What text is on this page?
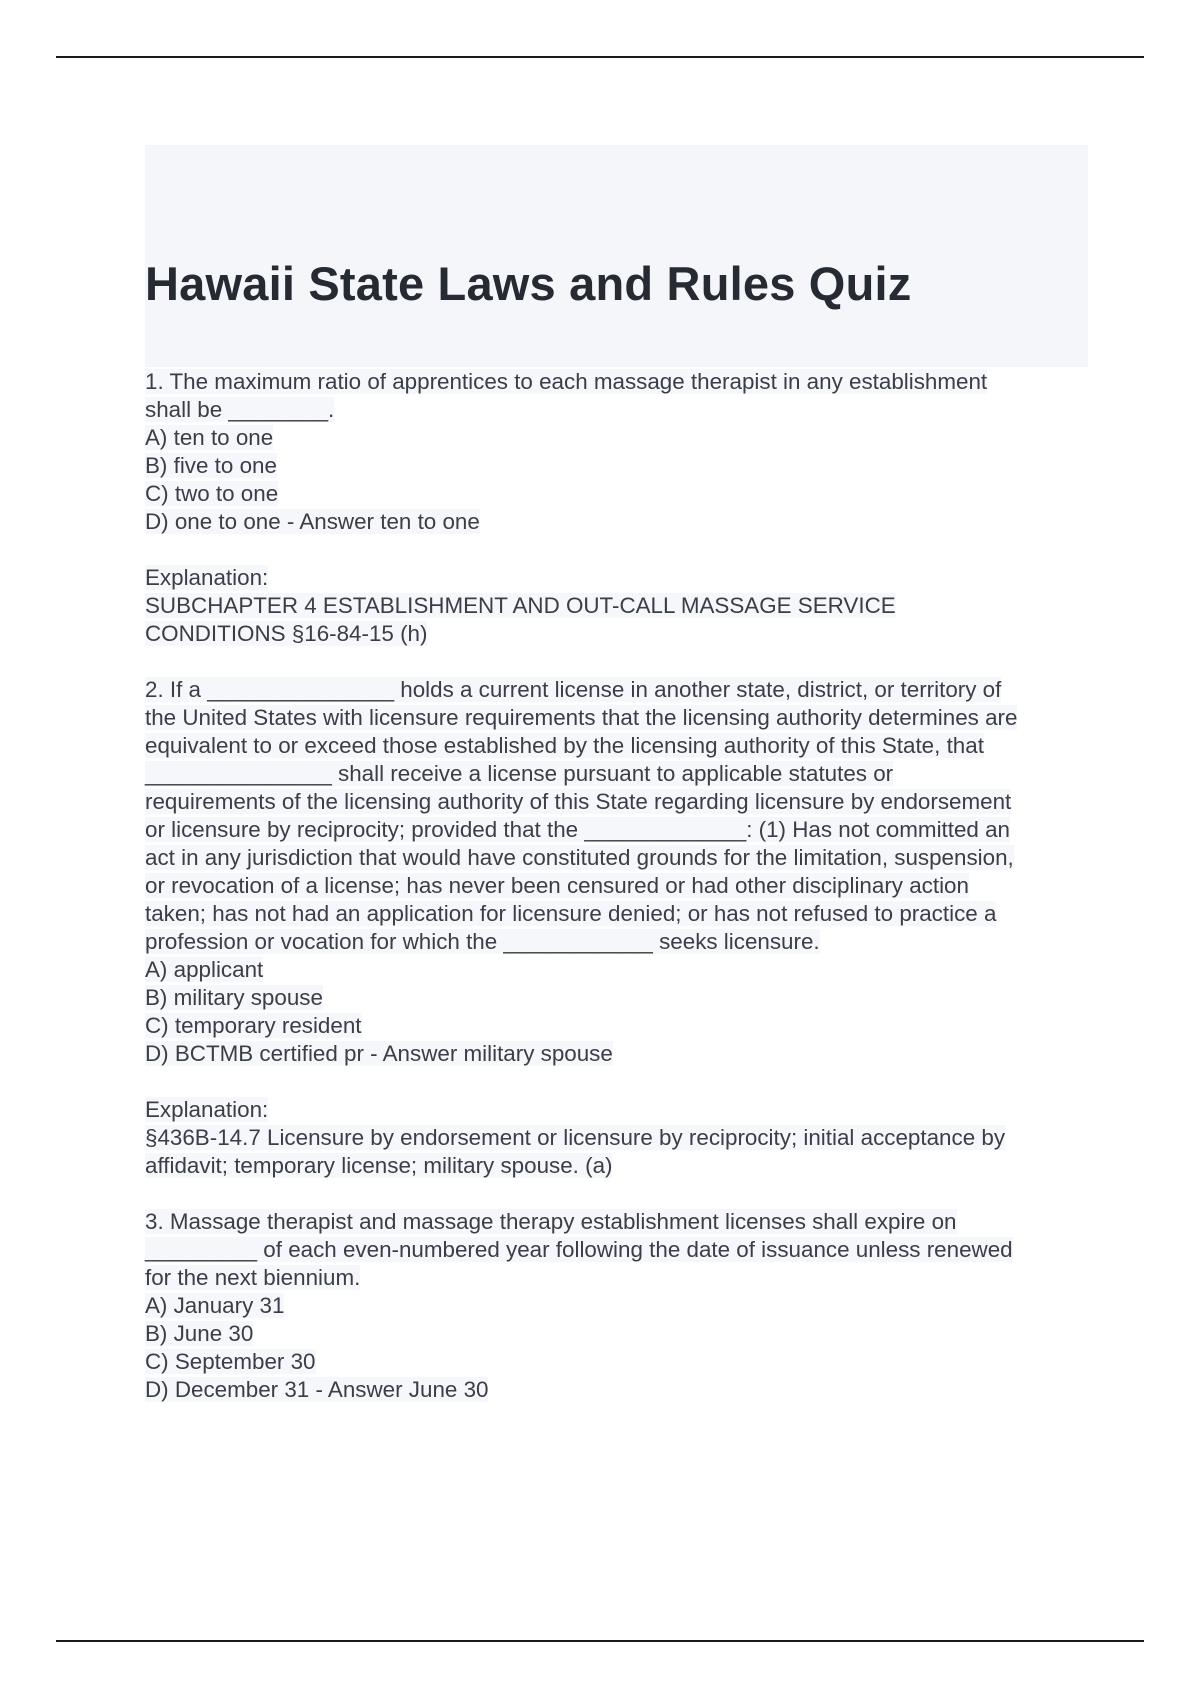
Hawaii State Laws and Rules Quiz
1. The maximum ratio of apprentices to each massage therapist in any establishment
shall be ________.
A) ten to one
B) five to one
C) two to one
D) one to one - Answer ten to one
Explanation:
SUBCHAPTER 4 ESTABLISHMENT AND OUT-CALL MASSAGE SERVICE
CONDITIONS §16-84-15 (h)
2. If a _______________ holds a current license in another state, district, or territory of
the United States with licensure requirements that the licensing authority determines are
equivalent to or exceed those established by the licensing authority of this State, that
_______________ shall receive a license pursuant to applicable statutes or
requirements of the licensing authority of this State regarding licensure by endorsement
or licensure by reciprocity; provided that the _____________: (1) Has not committed an
act in any jurisdiction that would have constituted grounds for the limitation, suspension,
or revocation of a license; has never been censured or had other disciplinary action
taken; has not had an application for licensure denied; or has not refused to practice a
profession or vocation for which the ____________ seeks licensure.
A) applicant
B) military spouse
C) temporary resident
D) BCTMB certified pr - Answer military spouse
Explanation:
§436B-14.7 Licensure by endorsement or licensure by reciprocity; initial acceptance by
affidavit; temporary license; military spouse. (a)
3. Massage therapist and massage therapy establishment licenses shall expire on
_________ of each even-numbered year following the date of issuance unless renewed
for the next biennium.
A) January 31
B) June 30
C) September 30
D) December 31 - Answer June 30
